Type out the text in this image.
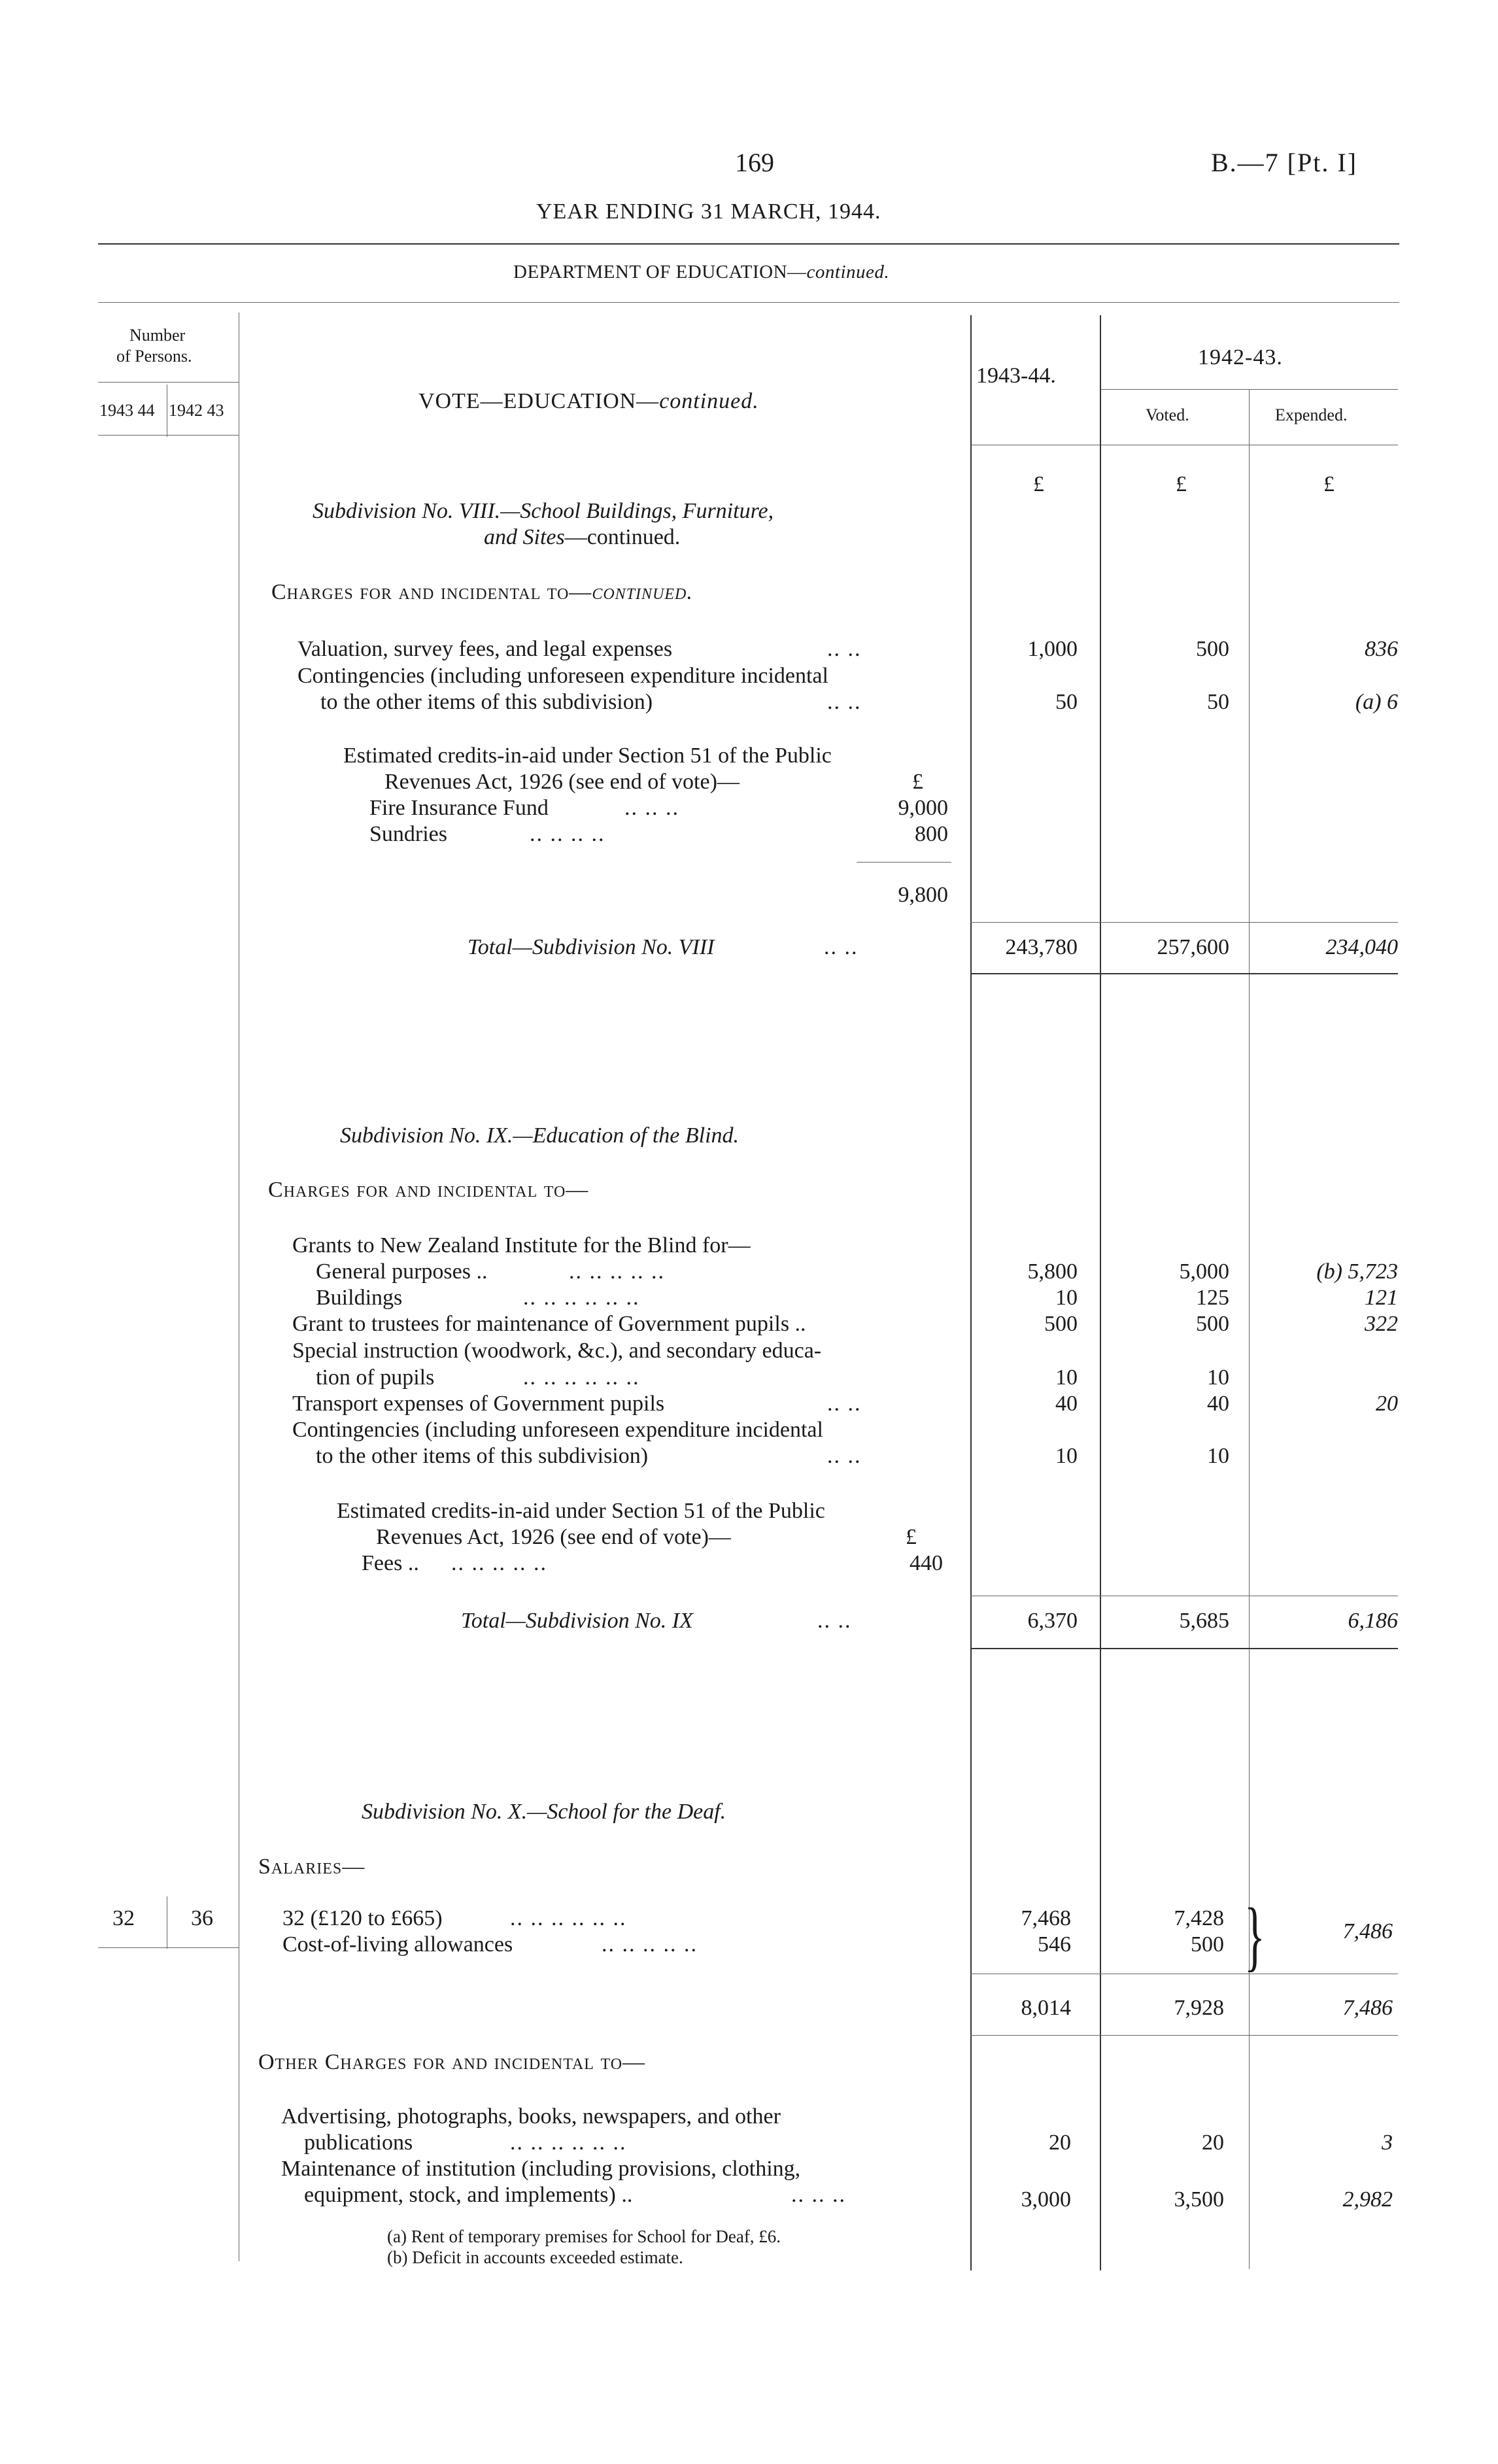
169	B.—7 [Pt. I]
YEAR ENDING 31 MARCH, 1944.
DEPARTMENT OF EDUCATION—continued.
Number
of Persons.
1943 44 1942 43	VOTE—EDUCATION—continued.
1943-44.
1942-43.
Voted.	Expended.
£	£	£
Subdivision No. VIII.—School Buildings, Furniture,
and Sites—continued.
Charges for and incidental to—continued.
Valuation, survey fees, and legal expenses	.. ..	1,000	500	836
Contingencies (including unforeseen expenditure incidental
to the other items of this subdivision)	.. ..	50	50	(a) 6
Estimated credits-in-aid under Section 51 of the Public
Revenues Act, 1926 (see end of vote)—	£
Fire Insurance Fund	.. .. ..	9,000
Sundries	.. .. .. ..	800
9,800
Total—Subdivision No. VIII	.. ..	243,780	257,600	234,040
Subdivision No. IX.—Education of the Blind.
Charges for and incidental to—
Grants to New Zealand Institute for the Blind for—
General purposes ..	.. .. .. .. ..	5,800	5,000	(b) 5,723
Buildings	.. .. .. .. .. ..	10	125	121
Grant to trustees for maintenance of Government pupils ..	500	500	322
Special instruction (woodwork, &c.), and secondary educa-
tion of pupils	.. .. .. .. .. ..	10	10
Transport expenses of Government pupils	.. ..	40	40	20
Contingencies (including unforeseen expenditure incidental
to the other items of this subdivision)	.. ..	10	10
Estimated credits-in-aid under Section 51 of the Public
Revenues Act, 1926 (see end of vote)—	£
Fees .. .. .. .. .. ..	440
Total—Subdivision No. IX	.. ..	6,370	5,685	6,186
Subdivision No. X.—School for the Deaf.
Salaries—
32	36	32 (£120 to £665)	.. .. .. .. .. ..	7,468	7,428
Cost-of-living allowances	.. .. .. .. ..	546	500 }	7,486
8,014	7,928	7,486
Other Charges for and incidental to—
Advertising, photographs, books, newspapers, and other
publications	.. .. .. .. .. ..	20	20	3
Maintenance of institution (including provisions, clothing,
equipment, stock, and implements) ..	.. .. ..	3,000	3,500	2,982
(a) Rent of temporary premises for School for Deaf, £6.
(b) Deficit in accounts exceeded estimate.
